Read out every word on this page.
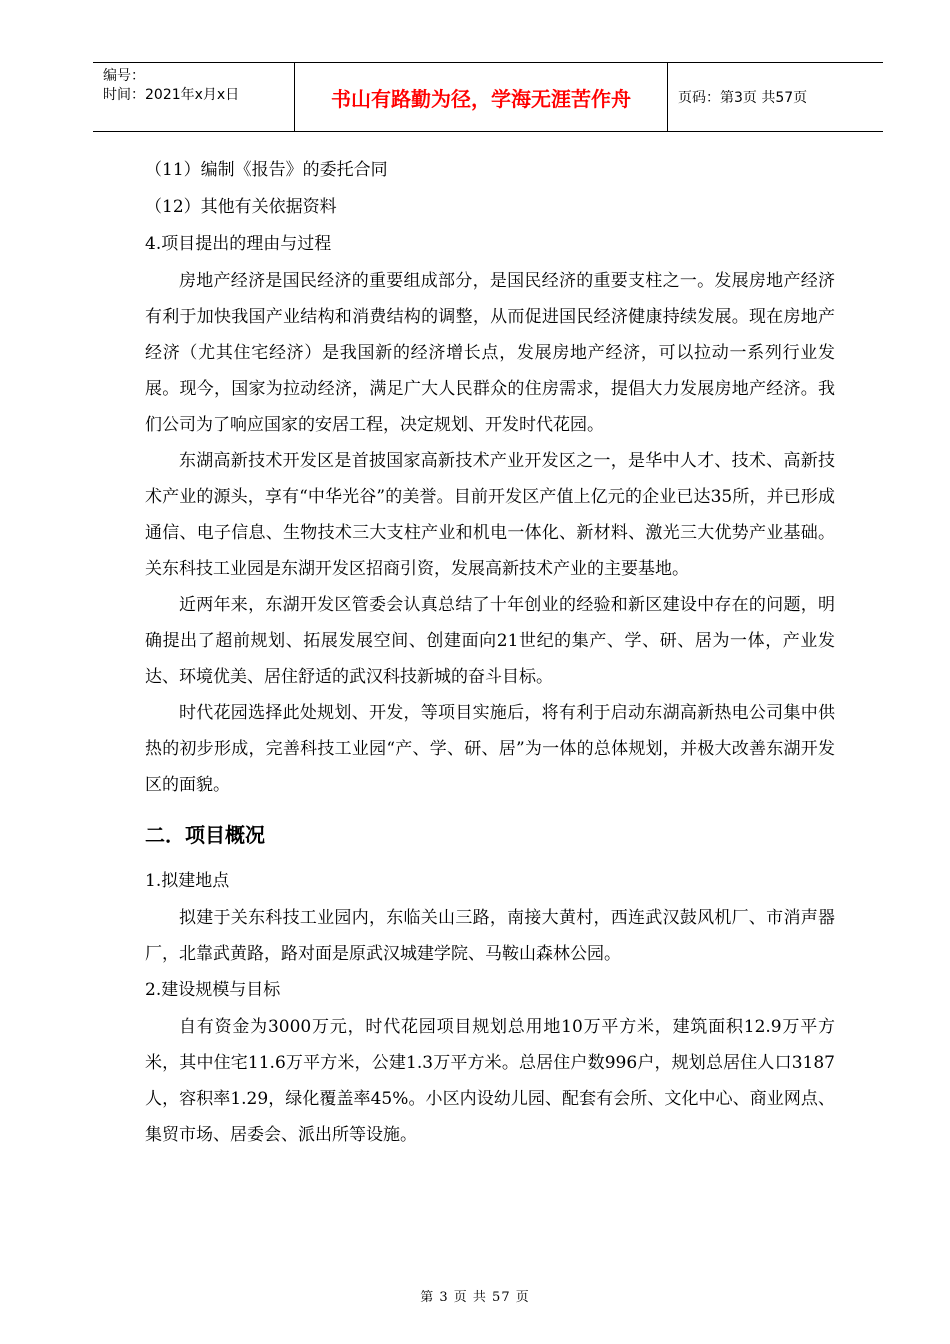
编号：
时间：2021年x月x日	书山有路勤为径，学海无涯苦作舟	页码：第3页 共57页
（11）编制《报告》的委托合同
（12）其他有关依据资料
4.项目提出的理由与过程

房地产经济是国民经济的重要组成部分，是国民经济的重要支柱之一。发展房地产经济有利于加快我国产业结构和消费结构的调整，从而促进国民经济健康持续发展。现在房地产经济（尤其住宅经济）是我国新的经济增长点，发展房地产经济，可以拉动一系列行业发展。现今，国家为拉动经济，满足广大人民群众的住房需求，提倡大力发展房地产经济。我们公司为了响应国家的安居工程，决定规划、开发时代花园。

东湖高新技术开发区是首披国家高新技术产业开发区之一，是华中人才、技术、高新技术产业的源头，享有“中华光谷”的美誉。目前开发区产值上亿元的企业已达35所，并已形成通信、电子信息、生物技术三大支柱产业和机电一体化、新材料、激光三大优势产业基础。关东科技工业园是东湖开发区招商引资，发展高新技术产业的主要基地。

近两年来，东湖开发区管委会认真总结了十年创业的经验和新区建设中存在的问题，明确提出了超前规划、拓展发展空间、创建面向21世纪的集产、学、研、居为一体，产业发达、环境优美、居住舒适的武汉科技新城的奋斗目标。

时代花园选择此处规划、开发，等项目实施后，将有利于启动东湖高新热电公司集中供热的初步形成，完善科技工业园“产、学、研、居”为一体的总体规划，并极大改善东湖开发区的面貌。

二．项目概况
1.拟建地点

拟建于关东科技工业园内，东临关山三路，南接大黄村，西连武汉鼓风机厂、市消声器厂，北靠武黄路，路对面是原武汉城建学院、马鞍山森林公园。

2.建设规模与目标

自有资金为3000万元，时代花园项目规划总用地10万平方米，建筑面积12.9万平方米，其中住宅11.6万平方米，公建1.3万平方米。总居住户数996户，规划总居住人口3187人，容积率1.29，绿化覆盖率45%。小区内设幼儿园、配套有会所、文化中心、商业网点、集贸市场、居委会、派出所等设施。

第 3 页 共 57 页
